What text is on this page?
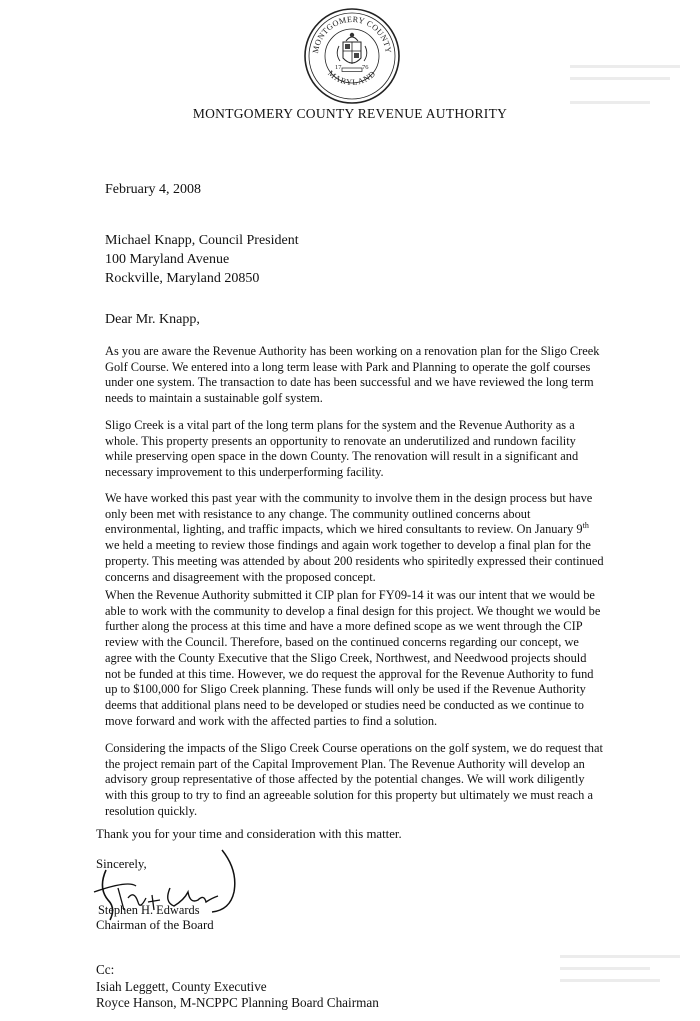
▬▬▬▬▬▬▬▬▬▬▬
▬▬▬▬▬▬▬▬▬▬

▬▬▬▬▬▬▬▬
▬▬▬▬▬▬▬▬▬▬▬▬
▬▬▬▬▬▬▬▬▬
▬▬▬▬▬▬▬▬▬▬
MONTGOMERY COUNTY
MARYLAND
17	76
MONTGOMERY COUNTY REVENUE AUTHORITY
February 4, 2008
Michael Knapp, Council President
100 Maryland Avenue
Rockville, Maryland 20850
Dear Mr. Knapp,
As you are aware the Revenue Authority has been working on a renovation plan for the Sligo Creek Golf Course. We entered into a long term lease with Park and Planning to operate the golf courses under one system. The transaction to date has been successful and we have reviewed the long term needs to maintain a sustainable golf system.
Sligo Creek is a vital part of the long term plans for the system and the Revenue Authority as a whole. This property presents an opportunity to renovate an underutilized and rundown facility while preserving open space in the down County. The renovation will result in a significant and necessary improvement to this underperforming facility.
We have worked this past year with the community to involve them in the design process but have only been met with resistance to any change. The community outlined concerns about environmental, lighting, and traffic impacts, which we hired consultants to review. On January 9th we held a meeting to review those findings and again work together to develop a final plan for the property. This meeting was attended by about 200 residents who spiritedly expressed their continued concerns and disagreement with the proposed concept.
When the Revenue Authority submitted it CIP plan for FY09-14 it was our intent that we would be able to work with the community to develop a final design for this project. We thought we would be further along the process at this time and have a more defined scope as we went through the CIP review with the Council. Therefore, based on the continued concerns regarding our concept, we agree with the County Executive that the Sligo Creek, Northwest, and Needwood projects should not be funded at this time. However, we do request the approval for the Revenue Authority to fund up to $100,000 for Sligo Creek planning. These funds will only be used if the Revenue Authority deems that additional plans need to be developed or studies need be conducted as we continue to move forward and work with the affected parties to find a solution.
Considering the impacts of the Sligo Creek Course operations on the golf system, we do request that the project remain part of the Capital Improvement Plan. The Revenue Authority will develop an advisory group representative of those affected by the potential changes. We will work diligently with this group to try to find an agreeable solution for this property but ultimately we must reach a resolution quickly.
Thank you for your time and consideration with this matter.
Sincerely,
Stephen H. Edwards
Chairman of the Board
Cc:
Isiah Leggett, County Executive
Royce Hanson, M-NCPPC Planning Board Chairman
